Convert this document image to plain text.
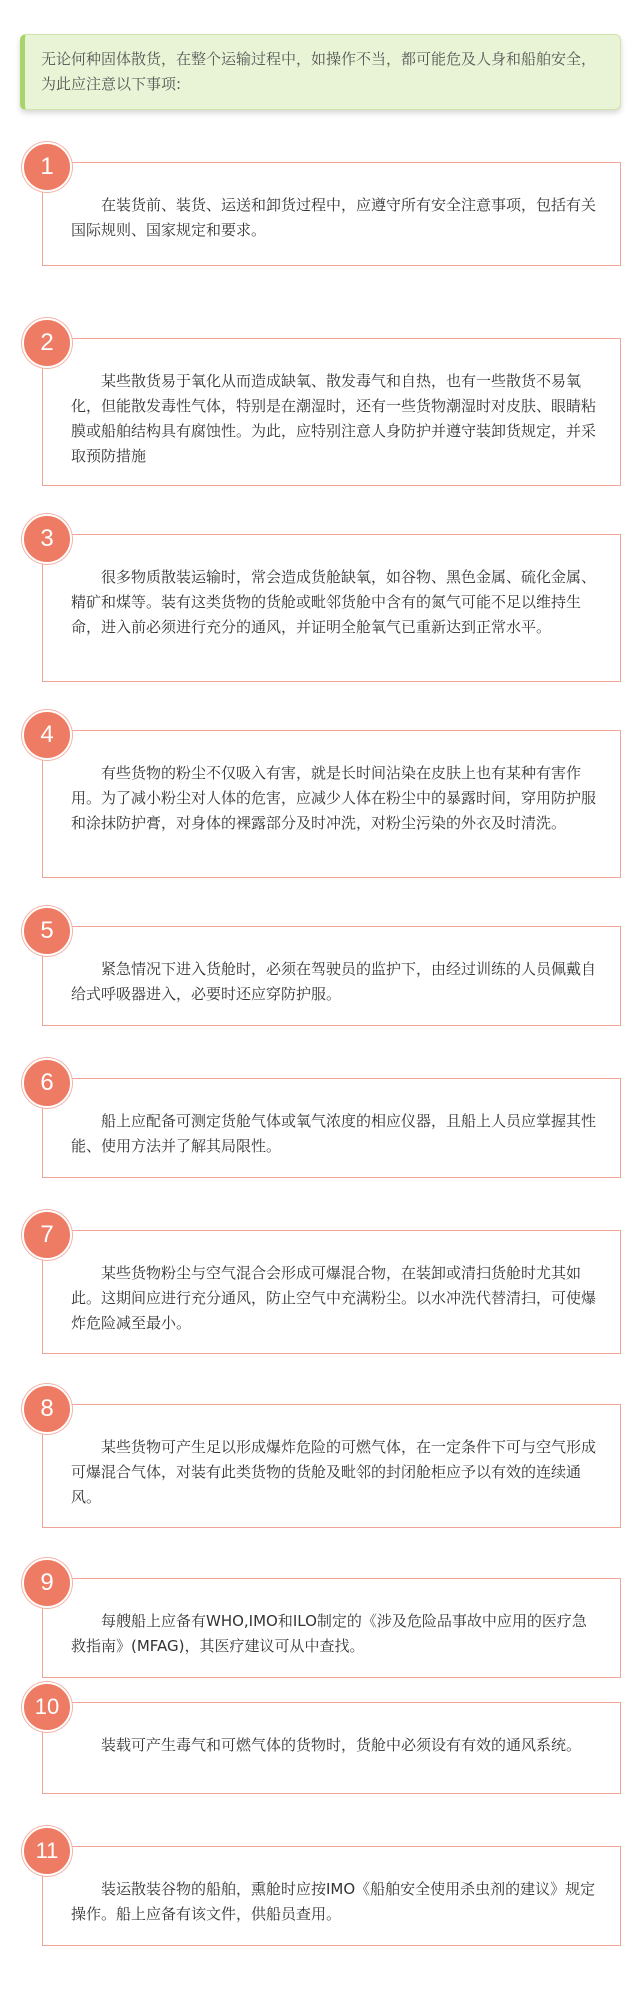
无论何种固体散货，在整个运输过程中，如操作不当，都可能危及人身和船舶安全，为此应注意以下事项:

在装货前、装货、运送和卸货过程中，应遵守所有安全注意事项，包括有关国际规则、国家规定和要求。

1

某些散货易于氧化从而造成缺氧、散发毒气和自热，也有一些散货不易氧化，但能散发毒性气体，特别是在潮湿时，还有一些货物潮湿时对皮肤、眼睛粘膜或船舶结构具有腐蚀性。为此，应特别注意人身防护并遵守装卸货规定，并采取预防措施

2

很多物质散装运输时，常会造成货舱缺氧，如谷物、黑色金属、硫化金属、精矿和煤等。装有这类货物的货舱或毗邻货舱中含有的氮气可能不足以维持生命，进入前必须进行充分的通风，并证明全舱氧气已重新达到正常水平。

3

有些货物的粉尘不仅吸入有害，就是长时间沾染在皮肤上也有某种有害作用。为了减小粉尘对人体的危害，应减少人体在粉尘中的暴露时间，穿用防护服和涂抹防护膏，对身体的裸露部分及时冲洗，对粉尘污染的外衣及时清洗。

4

紧急情况下进入货舱时，必须在驾驶员的监护下，由经过训练的人员佩戴自给式呼吸器进入，必要时还应穿防护服。

5

船上应配备可测定货舱气体或氧气浓度的相应仪器，且船上人员应掌握其性能、使用方法并了解其局限性。

6

某些货物粉尘与空气混合会形成可爆混合物，在装卸或清扫货舱时尤其如此。这期间应进行充分通风，防止空气中充满粉尘。以水冲洗代替清扫，可使爆炸危险减至最小。

7

某些货物可产生足以形成爆炸危险的可燃气体，在一定条件下可与空气形成可爆混合气体，对装有此类货物的货舱及毗邻的封闭舱柜应予以有效的连续通风。

8

每艘船上应备有WHO,IMO和ILO制定的《涉及危险品事故中应用的医疗急救指南》(MFAG)，其医疗建议可从中查找。

9

装载可产生毒气和可燃气体的货物时，货舱中必须设有有效的通风系统。

10

装运散装谷物的船舶，熏舱时应按IMO《船舶安全使用杀虫剂的建议》规定操作。船上应备有该文件，供船员查用。

11
